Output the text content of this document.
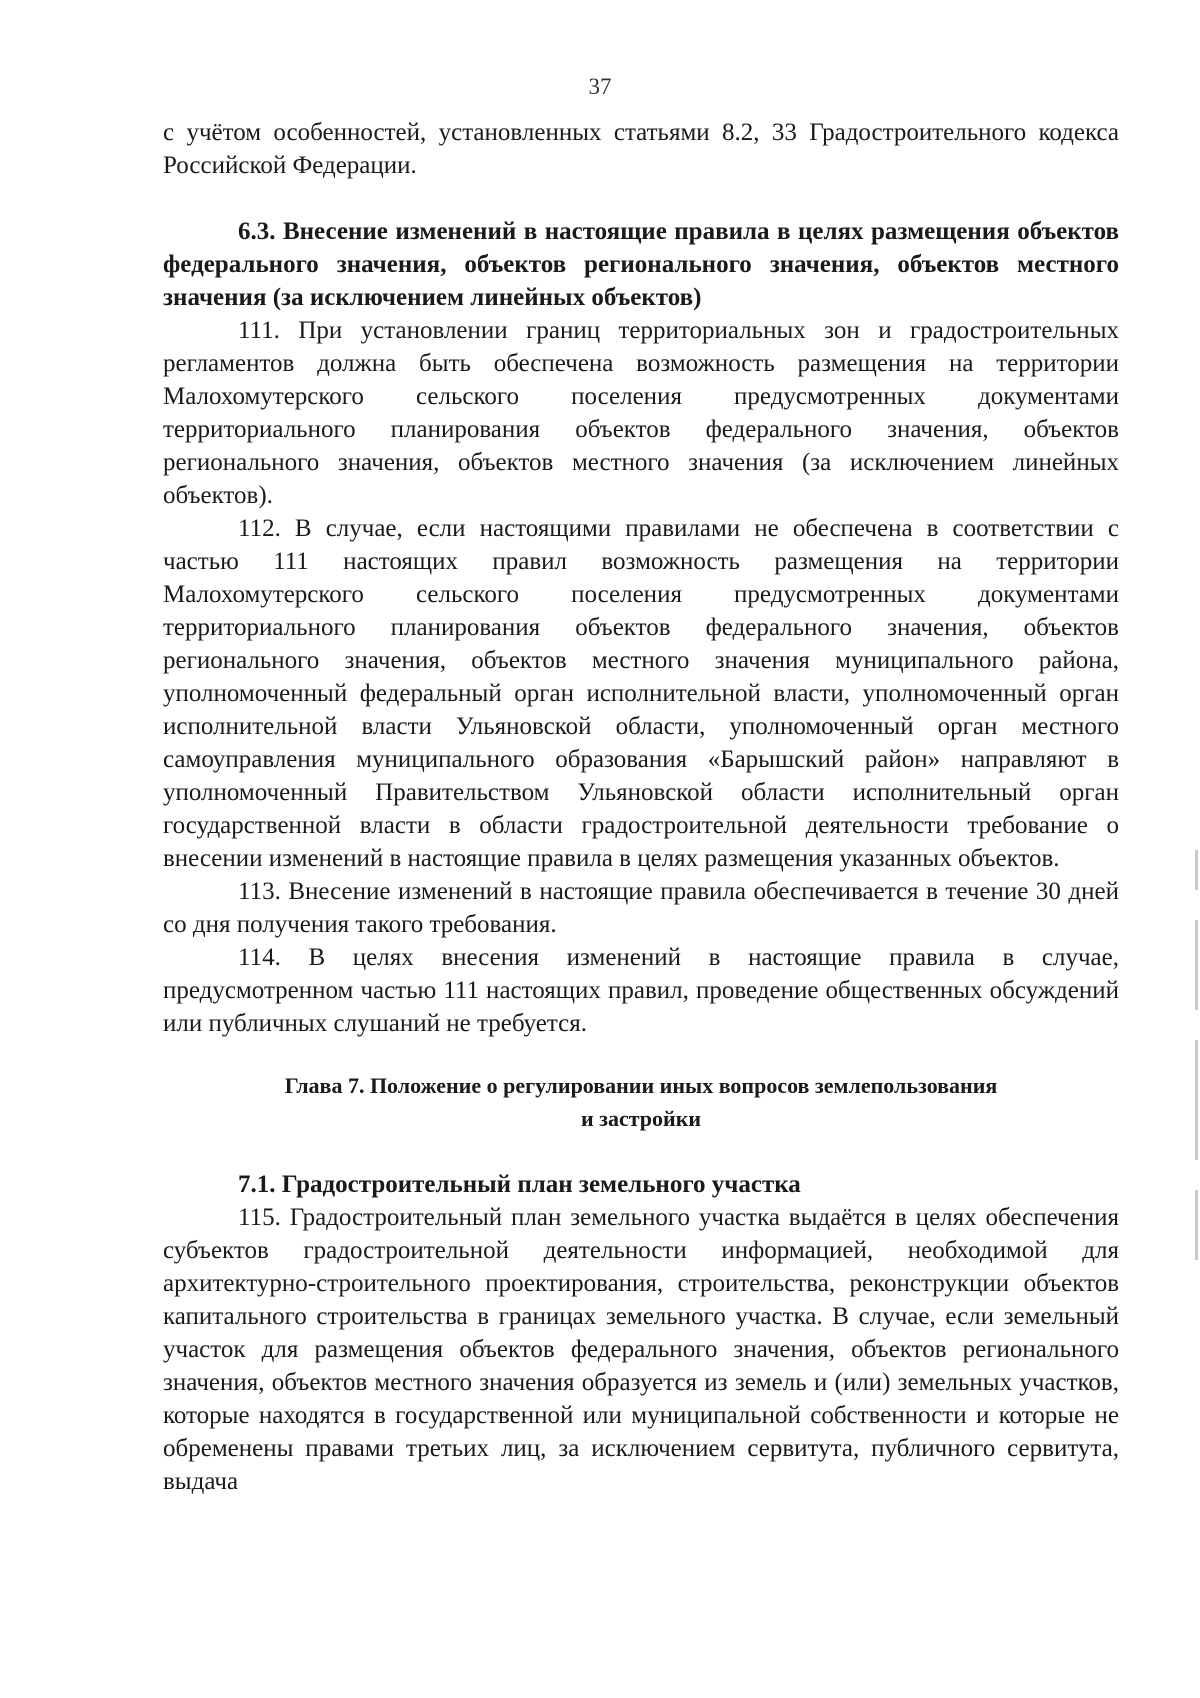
37

с учётом особенностей, установленных статьями 8.2, 33 Градостроительного кодекса Российской Федерации.

6.3. Внесение изменений в настоящие правила в целях размещения объектов федерального значения, объектов регионального значения, объектов местного значения (за исключением линейных объектов)

111. При установлении границ территориальных зон и градостроительных регламентов должна быть обеспечена возможность размещения на территории Малохомутерского сельского поселения предусмотренных документами территориального планирования объектов федерального значения, объектов регионального значения, объектов местного значения (за исключением линейных объектов).

112. В случае, если настоящими правилами не обеспечена в соответствии с частью 111 настоящих правил возможность размещения на территории Малохомутерского сельского поселения предусмотренных документами территориального планирования объектов федерального значения, объектов регионального значения, объектов местного значения муниципального района, уполномоченный федеральный орган исполнительной власти, уполномоченный орган исполнительной власти Ульяновской области, уполномоченный орган местного самоуправления муниципального образования «Барышский район» направляют в уполномоченный Правительством Ульяновской области исполнительный орган государственной власти в области градостроительной деятельности требование о внесении изменений в настоящие правила в целях размещения указанных объектов.

113. Внесение изменений в настоящие правила обеспечивается в течение 30 дней со дня получения такого требования.

114. В целях внесения изменений в настоящие правила в случае, предусмотренном частью 111 настоящих правил, проведение общественных обсуждений или публичных слушаний не требуется.

Глава 7. Положение о регулировании иных вопросов землепользования
и застройки

7.1. Градостроительный план земельного участка

115. Градостроительный план земельного участка выдаётся в целях обеспечения субъектов градостроительной деятельности информацией, необходимой для архитектурно-строительного проектирования, строительства, реконструкции объектов капитального строительства в границах земельного участка. В случае, если земельный участок для размещения объектов федерального значения, объектов регионального значения, объектов местного значения образуется из земель и (или) земельных участков, которые находятся в государственной или муниципальной собственности и которые не обременены правами третьих лиц, за исключением сервитута, публичного сервитута, выдача
